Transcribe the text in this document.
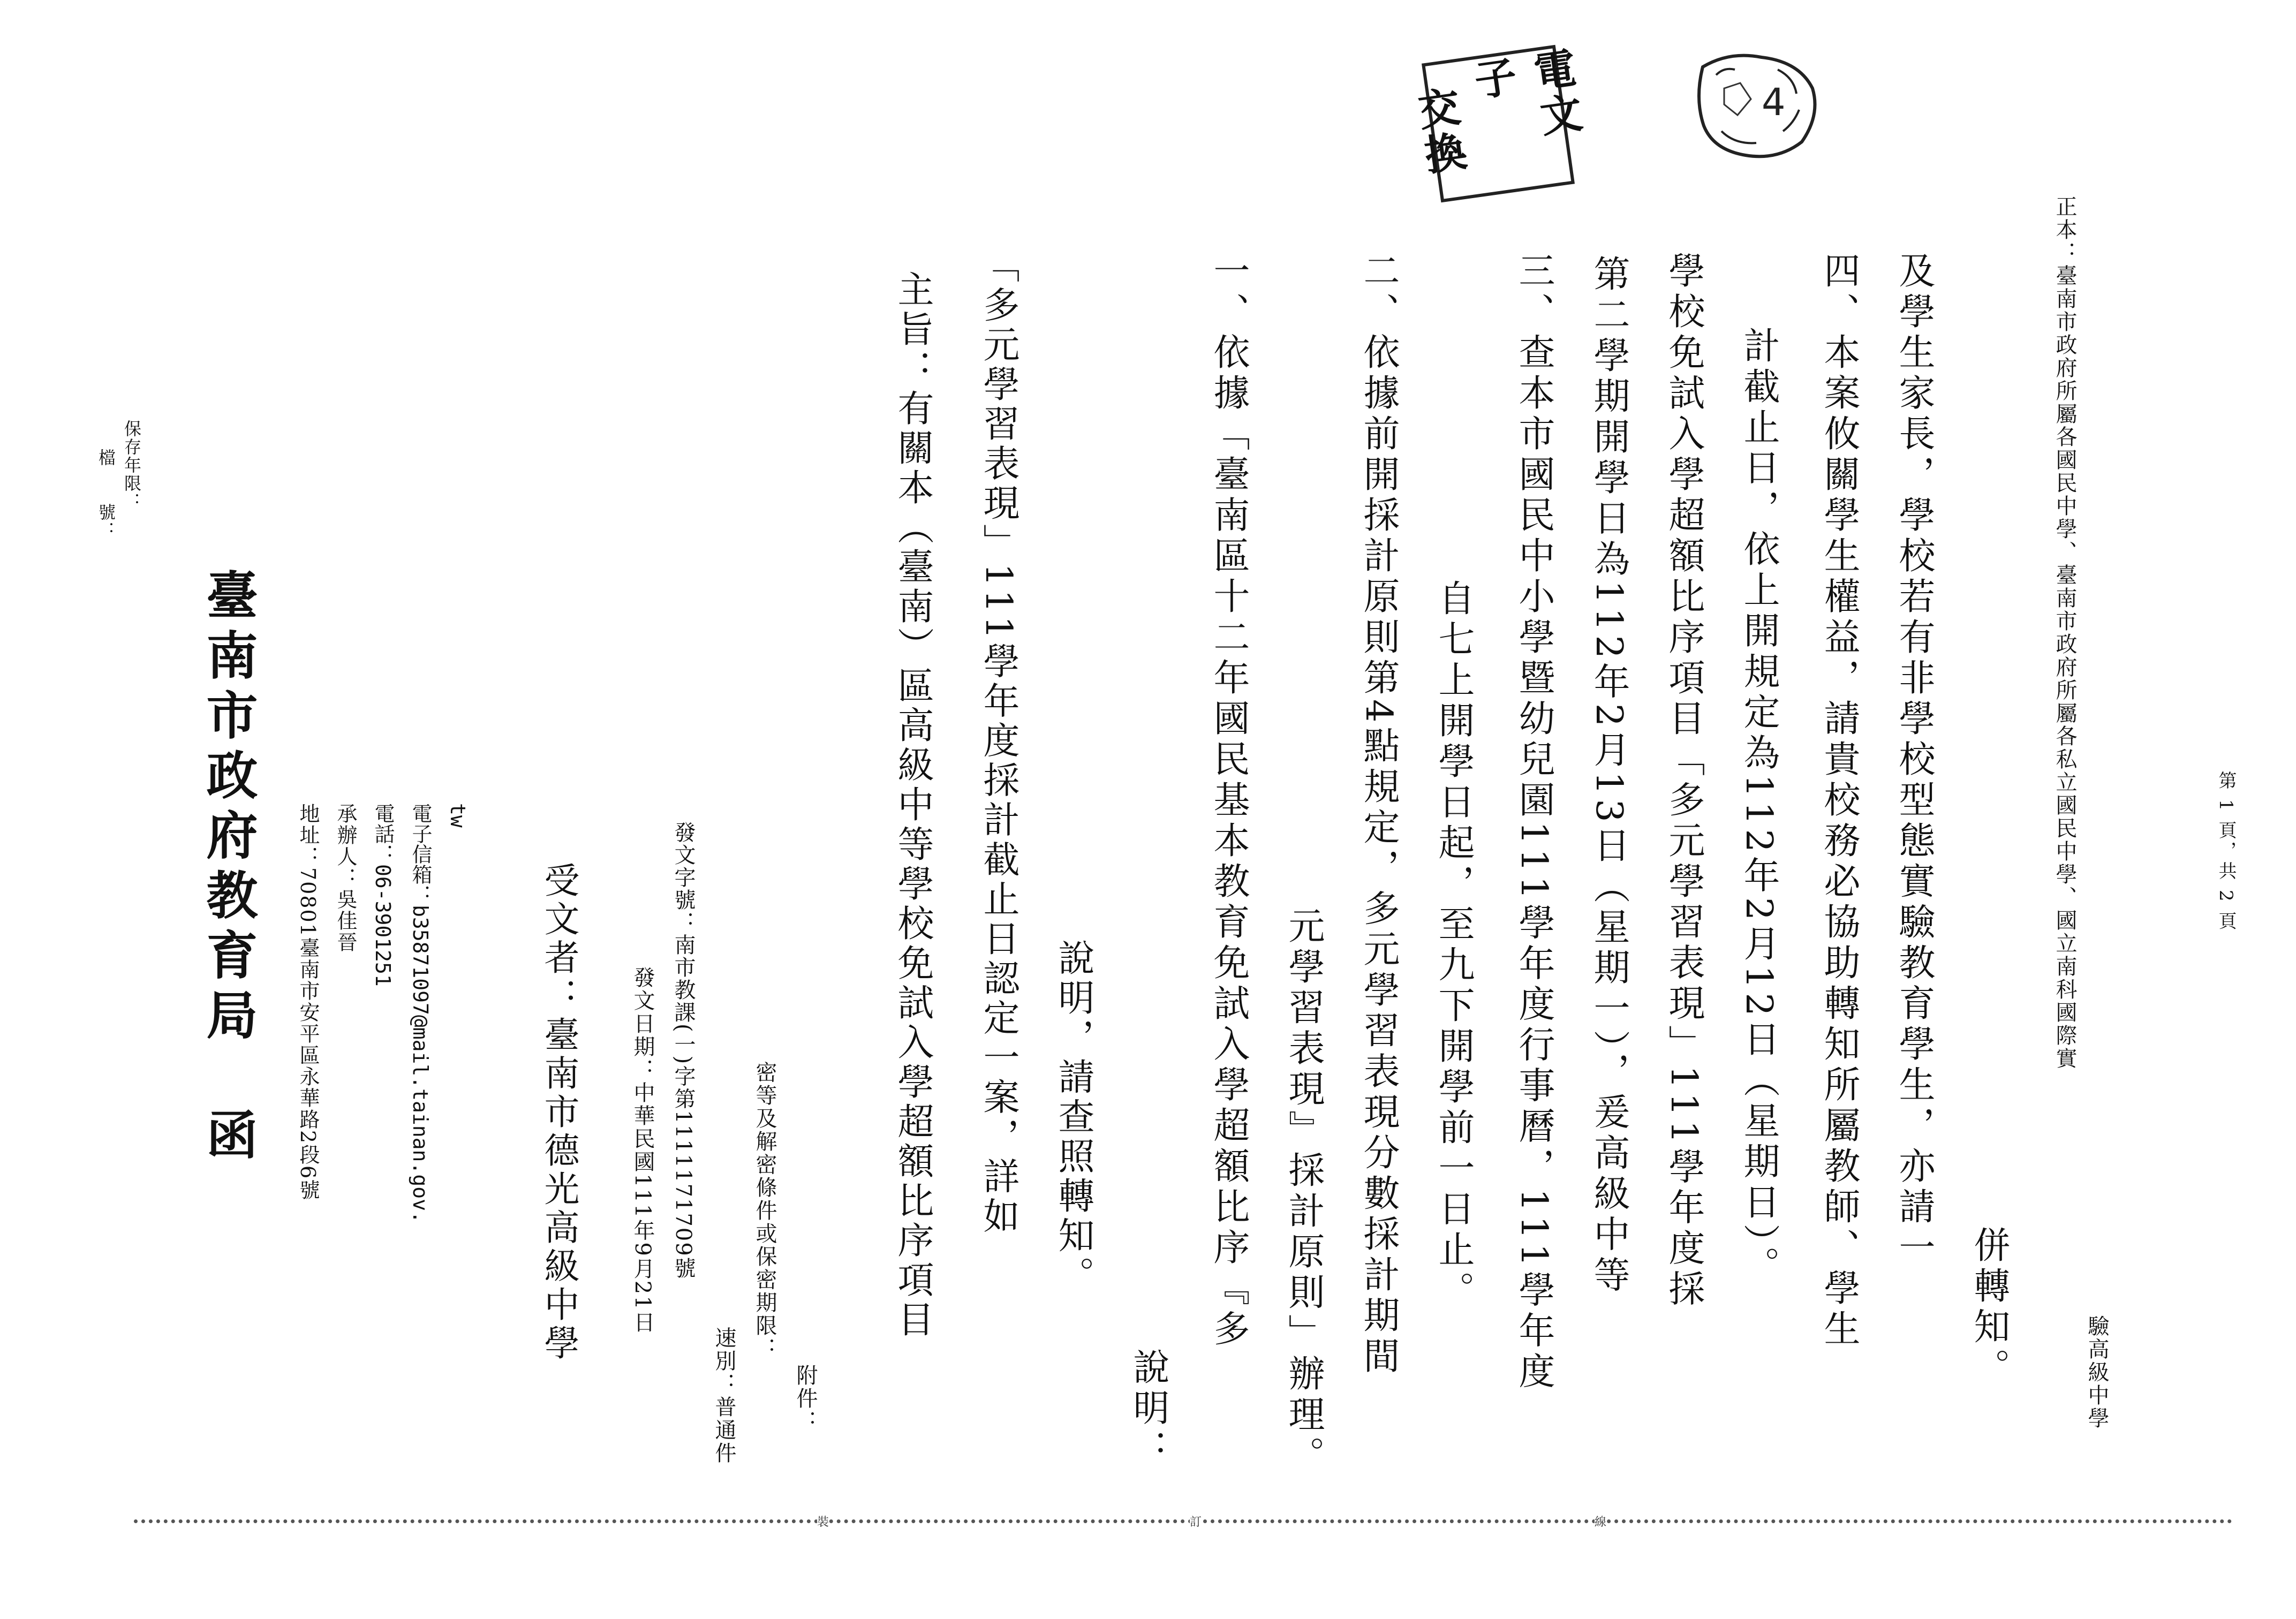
檔　　號： 保存年限：
臺南市政府教育局　函 地址：70801臺南市安平區永華路2段6號 承辦人：吳佳晉 電話：06-3901251 電子信箱：b35871097@mail.tainan.gov. tw
受文者：臺南市德光高級中學 發文日期：中華民國111年9月21日 發文字號：南市教課(一)字第1111171709號
速別：普通件
密等及解密條件或保密期限：
附件：
主旨：有關本（臺南）區高級中等學校免試入學超額比序項目 「多元學習表現」111學年度採計截止日認定一案，詳如 說明，請查照轉知。
說明：
一、依據「臺南區十二年國民基本教育免試入學超額比序『多 元學習表現』採計原則」辦理。 二、依據前開採計原則第4點規定，多元學習表現分數採計期間 自七上開學日起，至九下開學前一日止。 三、查本市國民中小學暨幼兒園111學年度行事曆，111學年度 第二學期開學日為112年2月13日（星期一），爰高級中等 學校免試入學超額比序項目「多元學習表現」111學年度採 計截止日，依上開規定為112年2月12日（星期日）。 四、本案攸關學生權益，請貴校務必協助轉知所屬教師、學生 及學生家長，學校若有非學校型態實驗教育學生，亦請一
併轉知。
正本：臺南市政府所屬各國民中學、臺南市政府所屬各私立國民中學、國立南科國際實
驗高級中學
裝	訂	線
第 1 頁，共 2 頁
電文子
交換
4
